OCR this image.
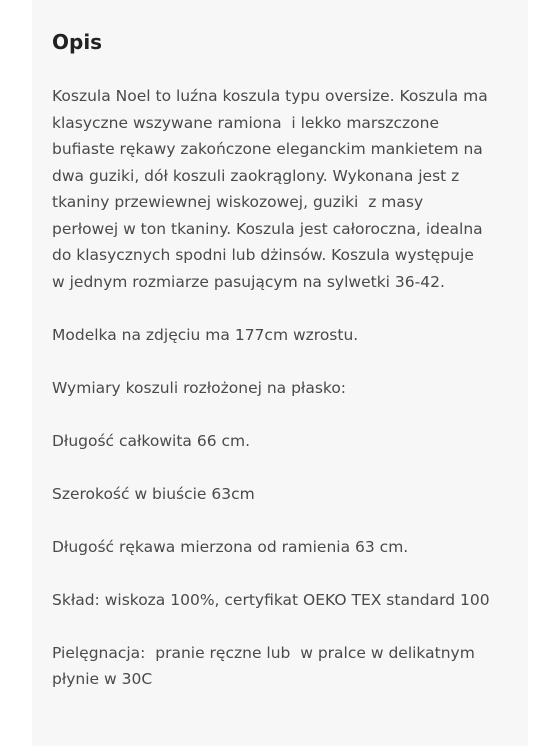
Opis

Koszula Noel to luźna koszula typu oversize. Koszula ma
klasyczne wszywane ramiona  i lekko marszczone
bufiaste rękawy zakończone eleganckim mankietem na
dwa guziki, dół koszuli zaokrąglony. Wykonana jest z
tkaniny przewiewnej wiskozowej, guziki  z masy
perłowej w ton tkaniny. Koszula jest całoroczna, idealna
do klasycznych spodni lub dżinsów. Koszula występuje
w jednym rozmiarze pasującym na sylwetki 36-42.

Modelka na zdjęciu ma 177cm wzrostu.

Wymiary koszuli rozłożonej na płasko:

Długość całkowita 66 cm.

Szerokość w biuście 63cm

Długość rękawa mierzona od ramienia 63 cm.

Skład: wiskoza 100%, certyfikat OEKO TEX standard 100

Pielęgnacja:  pranie ręczne lub  w pralce w delikatnym
płynie w 30C
